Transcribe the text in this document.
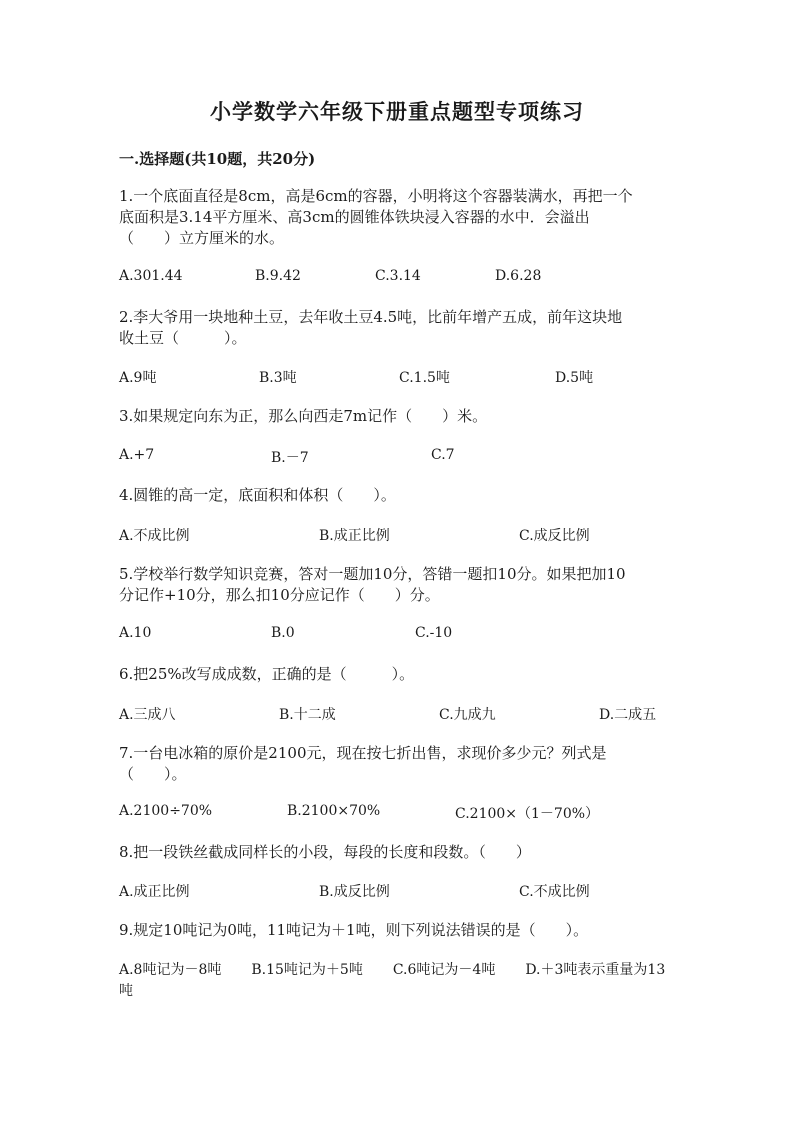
小学数学六年级下册重点题型专项练习
一.选择题(共10题，共20分)
1.一个底面直径是8cm，高是6cm的容器，小明将这个容器装满水，再把一个
底面积是3.14平方厘米、高3cm的圆锥体铁块浸入容器的水中．会溢出
（　　）立方厘米的水。
A.301.44	B.9.42	C.3.14	D.6.28
2.李大爷用一块地种土豆，去年收土豆4.5吨，比前年增产五成，前年这块地
收土豆（　　　）。
A.9吨	B.3吨	C.1.5吨	D.5吨
3.如果规定向东为正，那么向西走7m记作（　　）米。
A.+7	B.－7	C.7
4.圆锥的高一定，底面积和体积（　　）。
A.不成比例	B.成正比例	C.成反比例
5.学校举行数学知识竞赛，答对一题加10分，答错一题扣10分。如果把加10
分记作+10分，那么扣10分应记作（　　）分。
A.10	B.0	C.-10
6.把25%改写成成数，正确的是（　　　）。
A.三成八	B.十二成	C.九成九	D.二成五
7.一台电冰箱的原价是2100元，现在按七折出售，求现价多少元？列式是
（　　）。
A.2100÷70%	B.2100×70%	C.2100×（1－70%）
8.把一段铁丝截成同样长的小段，每段的长度和段数。（　　）
A.成正比例	B.成反比例	C.不成比例
9.规定10吨记为0吨，11吨记为＋1吨，则下列说法错误的是（　　）。
A.8吨记为－8吨 B.15吨记为＋5吨 C.6吨记为－4吨 D.＋3吨表示重量为13吨
